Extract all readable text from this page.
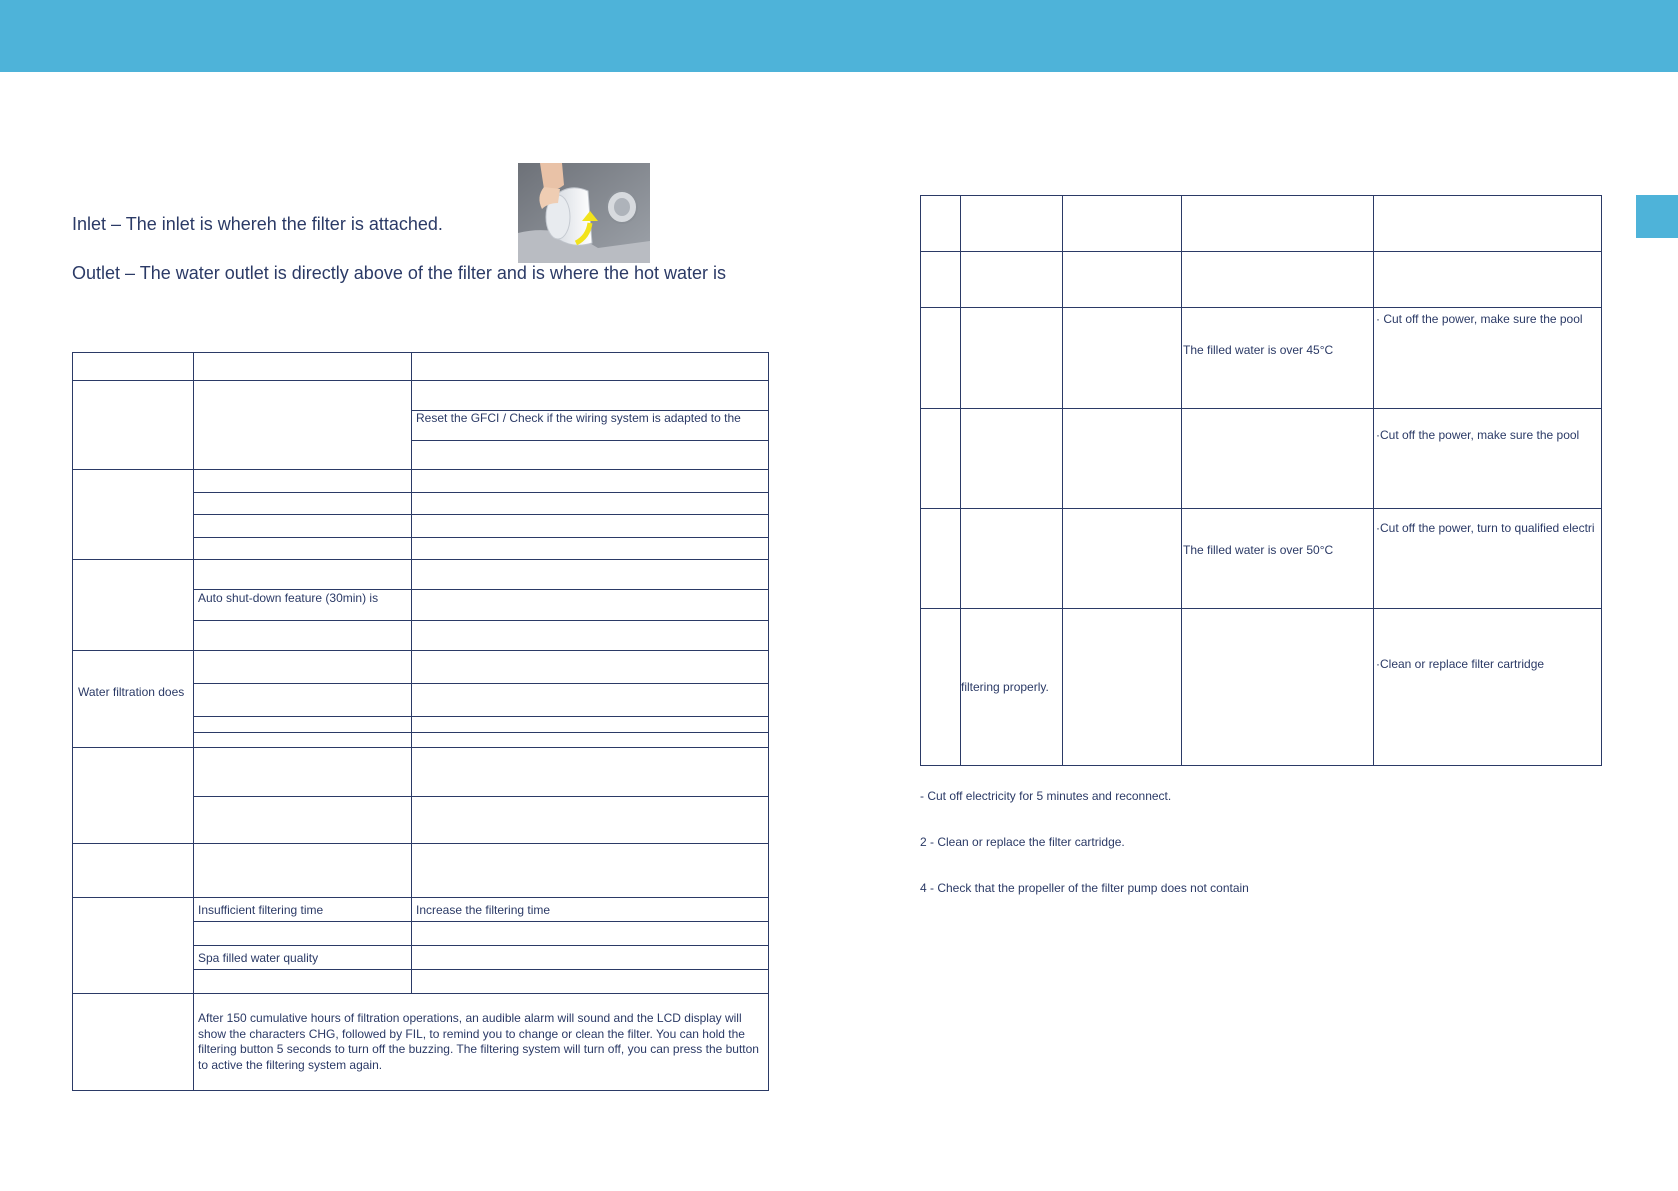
Inlet – The inlet is whereh the filter is attached.
Outlet – The water outlet is directly above of the filter and is where the hot water is
Reset the GFCI / Check if the wiring system is adapted to the
Auto shut-down feature (30min) is
Water filtration does
Insufficient filtering time	Increase the filtering time
Spa filled water quality
After 150 cumulative hours of filtration operations, an audible alarm will sound and the LCD display will show the characters CHG, followed by FIL, to remind you to change or clean the filter. You can hold the filtering button 5 seconds to turn off the buzzing. The filtering system will turn off, you can press the button to active the filtering system again.
· Cut off the power, make sure the pool
The filled water is over 45°C
·Cut off the power, make sure the pool
·Cut off the power, turn to qualified electri
The filled water is over 50°C
·Clean or replace filter cartridge
filtering properly.
- Cut off electricity for 5 minutes and reconnect.
2 - Clean or replace the filter cartridge.
4 - Check that the propeller of the filter pump does not contain
